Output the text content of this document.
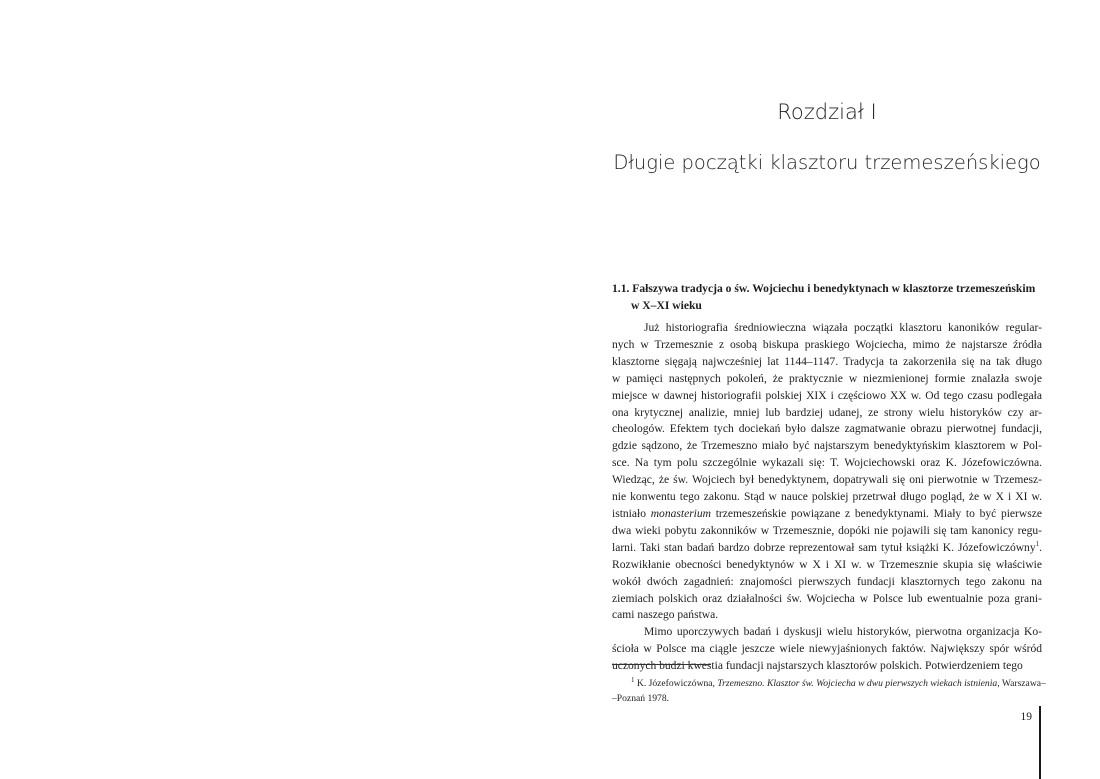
Rozdział I
Długie początki klasztoru trzemeszeńskiego
1.1. Fałszywa tradycja o św. Wojciechu i benedyktynach w klasztorze trzemeszeńskim
w X–XI wieku
Już historiografia średniowieczna wiązała początki klasztoru kanoników regular-
nych w Trzemesznie z osobą biskupa praskiego Wojciecha, mimo że najstarsze źródła
klasztorne sięgają najwcześniej lat 1144–1147. Tradycja ta zakorzeniła się na tak długo
w pamięci następnych pokoleń, że praktycznie w niezmienionej formie znalazła swoje
miejsce w dawnej historiografii polskiej XIX i częściowo XX w. Od tego czasu podlegała
ona krytycznej analizie, mniej lub bardziej udanej, ze strony wielu historyków czy ar-
cheologów. Efektem tych dociekań było dalsze zagmatwanie obrazu pierwotnej fundacji,
gdzie sądzono, że Trzemeszno miało być najstarszym benedyktyńskim klasztorem w Pol-
sce. Na tym polu szczególnie wykazali się: T. Wojciechowski oraz K. Józefowiczówna.
Wiedząc, że św. Wojciech był benedyktynem, dopatrywali się oni pierwotnie w Trzemesz-
nie konwentu tego zakonu. Stąd w nauce polskiej przetrwał długo pogląd, że w X i XI w.
istniało monasterium trzemeszeńskie powiązane z benedyktynami. Miały to być pierwsze
dwa wieki pobytu zakonników w Trzemesznie, dopóki nie pojawili się tam kanonicy regu-
larni. Taki stan badań bardzo dobrze reprezentował sam tytuł książki K. Józefowiczówny$^1$.
Rozwikłanie obecności benedyktynów w X i XI w. w Trzemesznie skupia się właściwie
wokół dwóch zagadnień: znajomości pierwszych fundacji klasztornych tego zakonu na
ziemiach polskich oraz działalności św. Wojciecha w Polsce lub ewentualnie poza grani-
cami naszego państwa.
Mimo uporczywych badań i dyskusji wielu historyków, pierwotna organizacja Ko-
ścioła w Polsce ma ciągle jeszcze wiele niewyjaśnionych faktów. Największy spór wśród
uczonych budzi kwestia fundacji najstarszych klasztorów polskich. Potwierdzeniem tego
$^1$ K. Józefowiczówna, Trzemeszno. Klasztor św. Wojciecha w dwu pierwszych wiekach istnienia, Warszawa–
–Poznań 1978.
19
